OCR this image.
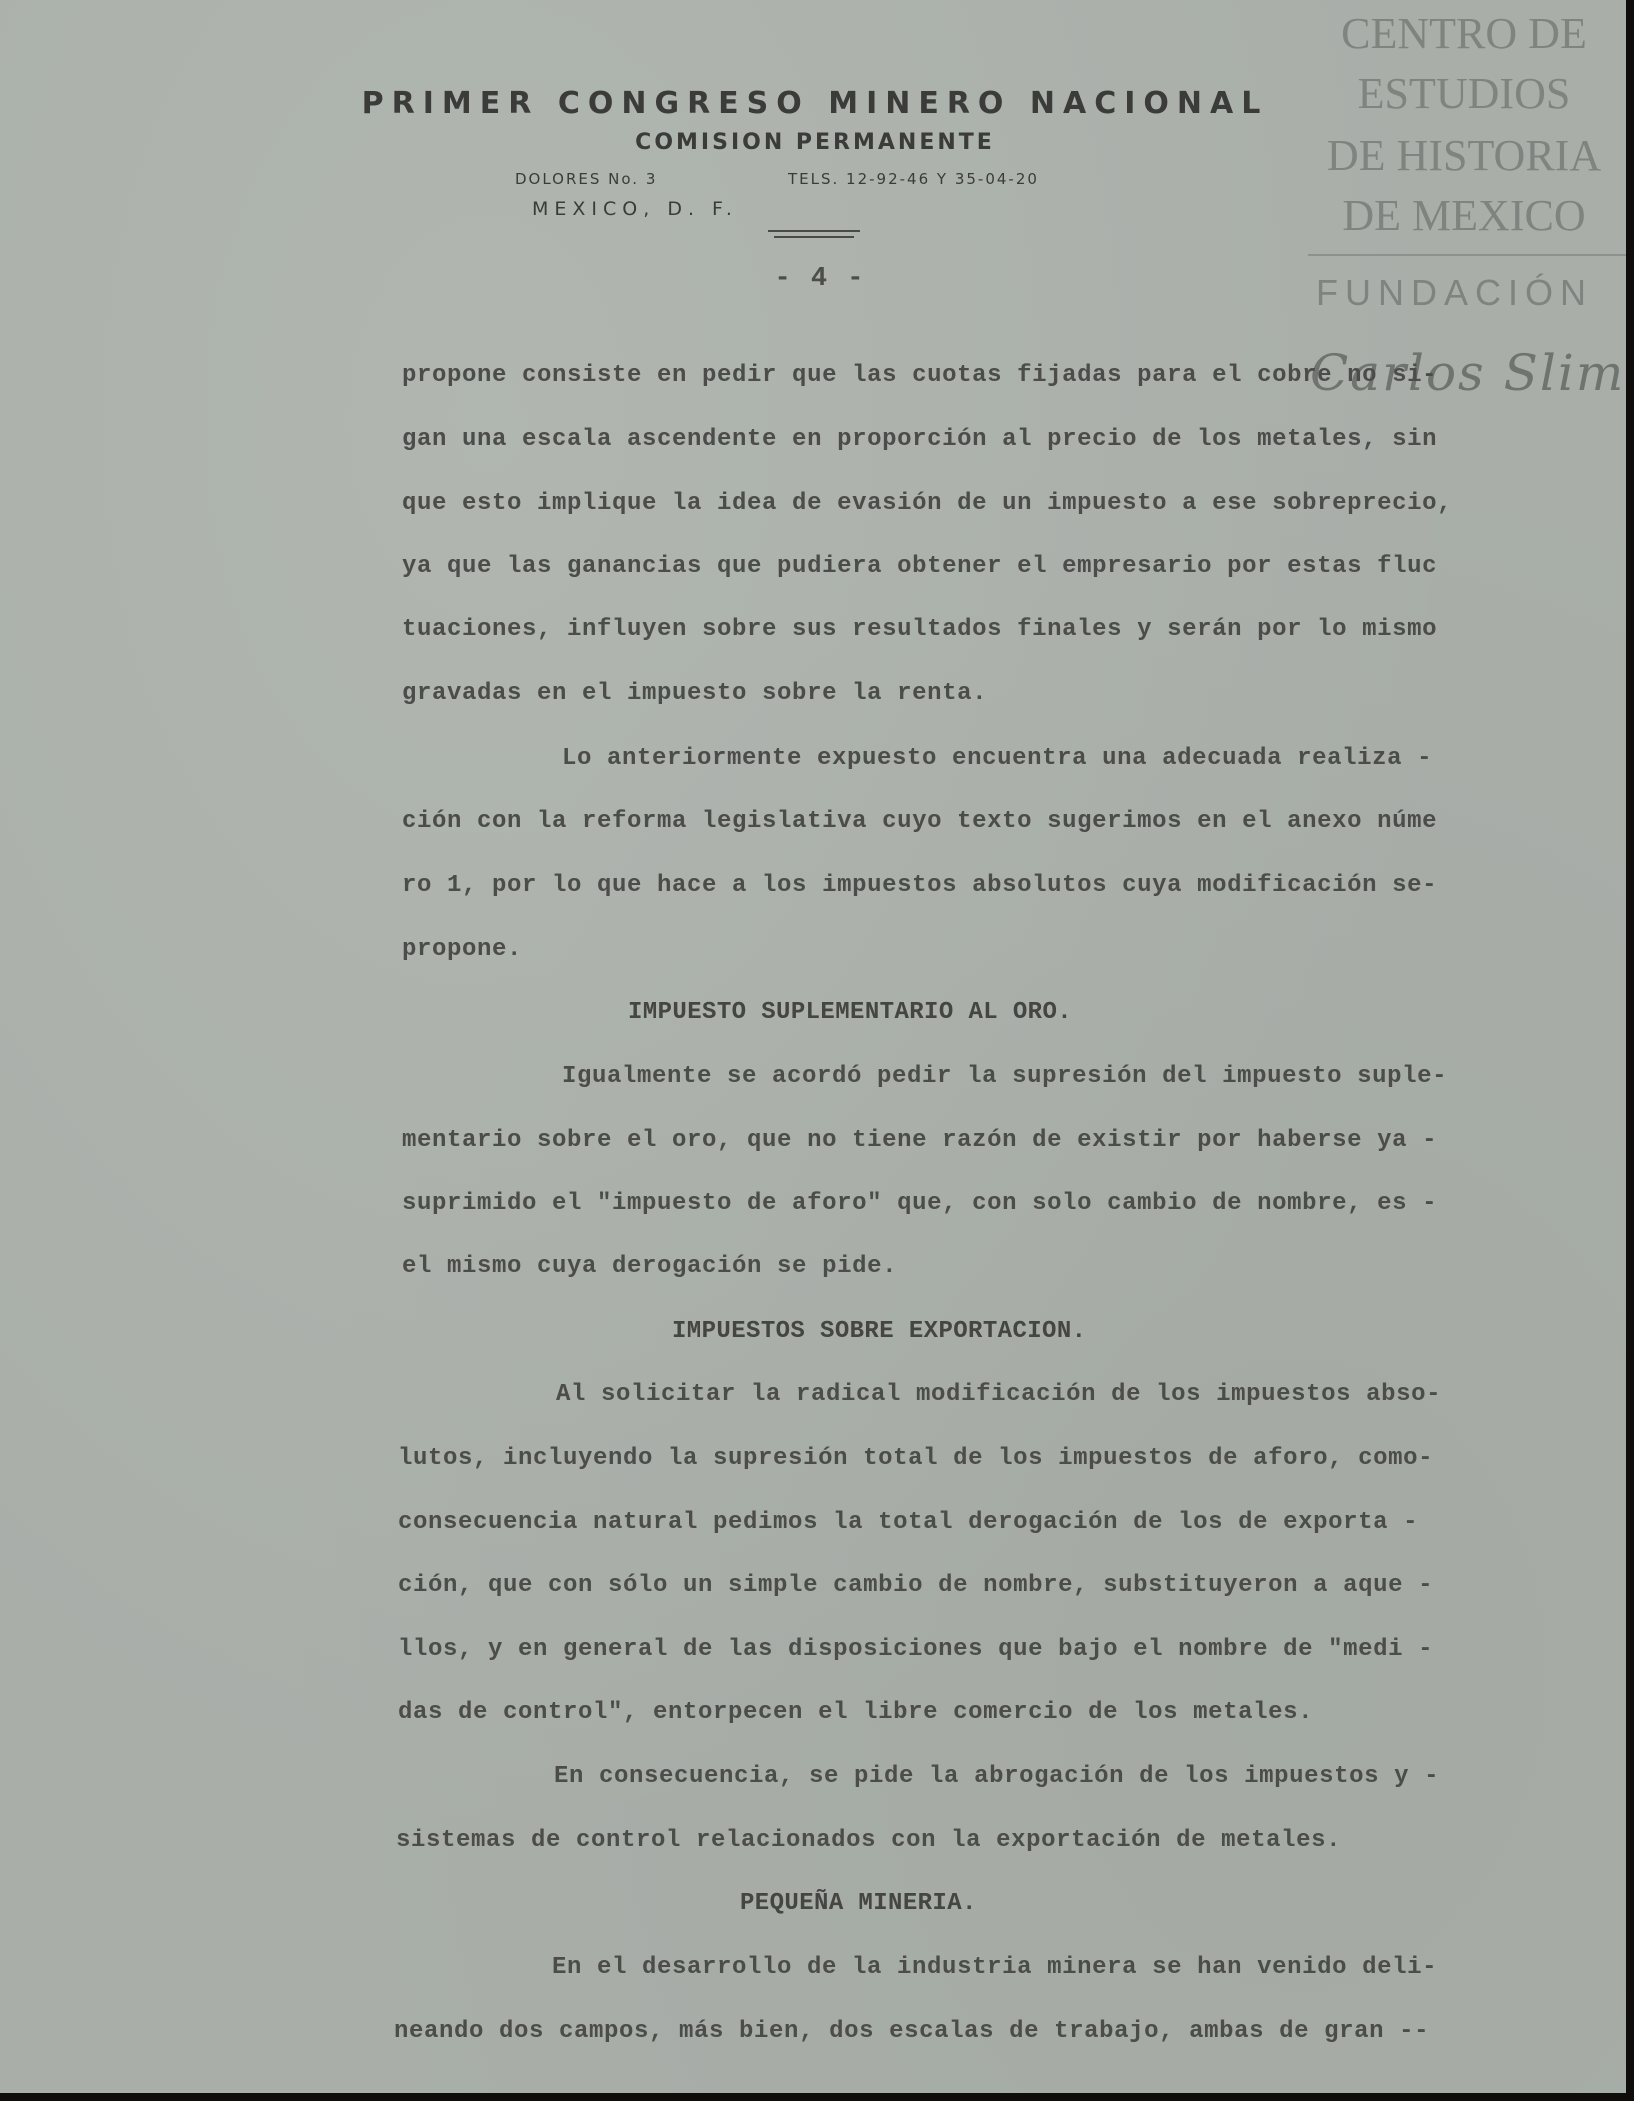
PRIMER CONGRESO MINERO NACIONAL
COMISION PERMANENTE
DOLORES No. 3	TELS. 12-92-46 Y 35-04-20
MEXICO, D. F.
CENTRO DE
ESTUDIOS
DE HISTORIA
DE MEXICO
FUNDACIÓN
Carlos Slim
- 4 -
propone consiste en pedir que las cuotas fijadas para el cobre no si-
gan una escala ascendente en proporción al precio de los metales, sin
que esto implique la idea de evasión de un impuesto a ese sobreprecio,
ya que las ganancias que pudiera obtener el empresario por estas fluc
tuaciones, influyen sobre sus resultados finales y serán por lo mismo
gravadas en el impuesto sobre la renta.
Lo anteriormente expuesto encuentra una adecuada realiza -
ción con la reforma legislativa cuyo texto sugerimos en el anexo núme
ro 1, por lo que hace a los impuestos absolutos cuya modificación se-
propone.
IMPUESTO SUPLEMENTARIO AL ORO.
Igualmente se acordó pedir la supresión del impuesto suple-
mentario sobre el oro, que no tiene razón de existir por haberse ya -
suprimido el "impuesto de aforo" que, con solo cambio de nombre, es -
el mismo cuya derogación se pide.
IMPUESTOS SOBRE EXPORTACION.
Al solicitar la radical modificación de los impuestos abso-
lutos, incluyendo la supresión total de los impuestos de aforo, como-
consecuencia natural pedimos la total derogación de los de exporta -
ción, que con sólo un simple cambio de nombre, substituyeron a aque -
llos, y en general de las disposiciones que bajo el nombre de "medi -
das de control", entorpecen el libre comercio de los metales.
En consecuencia, se pide la abrogación de los impuestos y -
sistemas de control relacionados con la exportación de metales.
PEQUEÑA MINERIA.
En el desarrollo de la industria minera se han venido deli-
neando dos campos, más bien, dos escalas de trabajo, ambas de gran --
